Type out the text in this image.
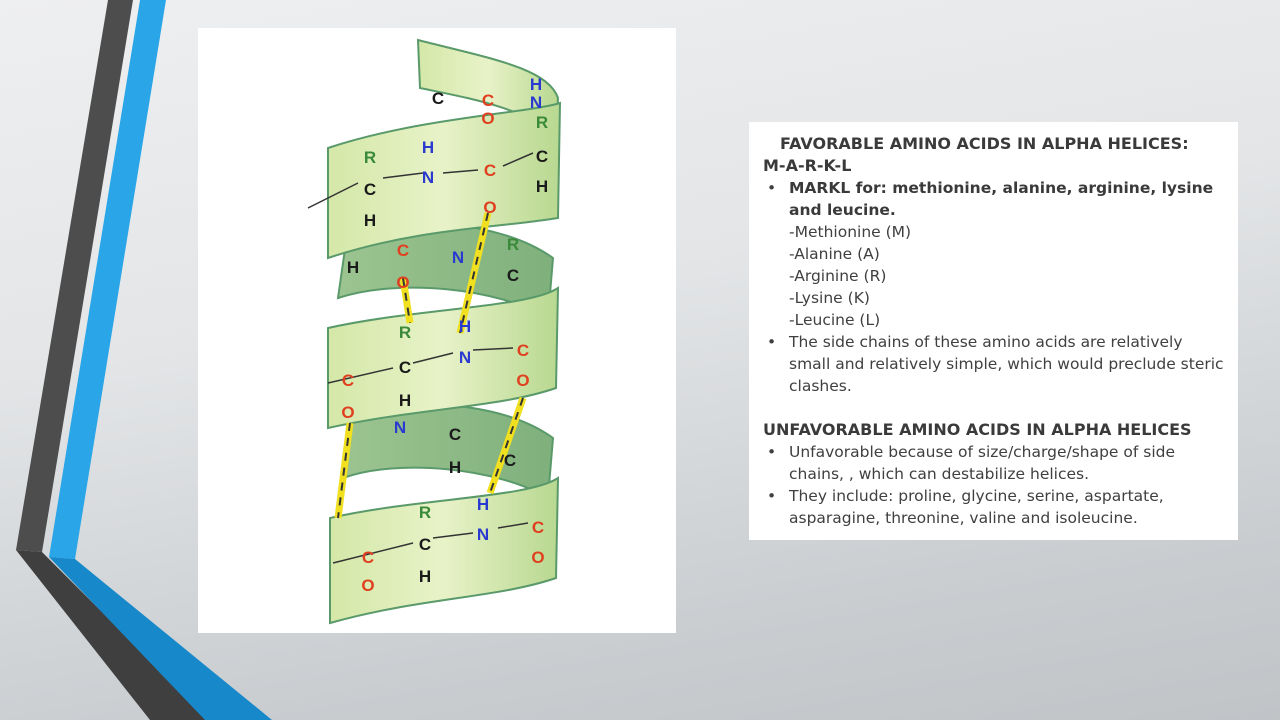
C C
O
H
N
R
C
H
R
C
H
H
N	C
O
H
C
O
N
R
C
R
C
H
H
N	C
O
C
O
N	C
H	C
R
C
H
C
O
H
N	C
O
FAVORABLE AMINO ACIDS IN ALPHA HELICES:
M-A-R-K-L
• MARKL for: methionine, alanine, arginine, lysine and leucine.
-Methionine (M)
-Alanine (A)
-Arginine (R)
-Lysine (K)
-Leucine (L)
• The side chains of these amino acids are relatively small and relatively simple, which would preclude steric clashes.
UNFAVORABLE AMINO ACIDS IN ALPHA HELICES
• Unfavorable because of size/charge/shape of side chains, , which can destabilize helices.
• They include: proline, glycine, serine, aspartate, asparagine, threonine, valine and isoleucine.
